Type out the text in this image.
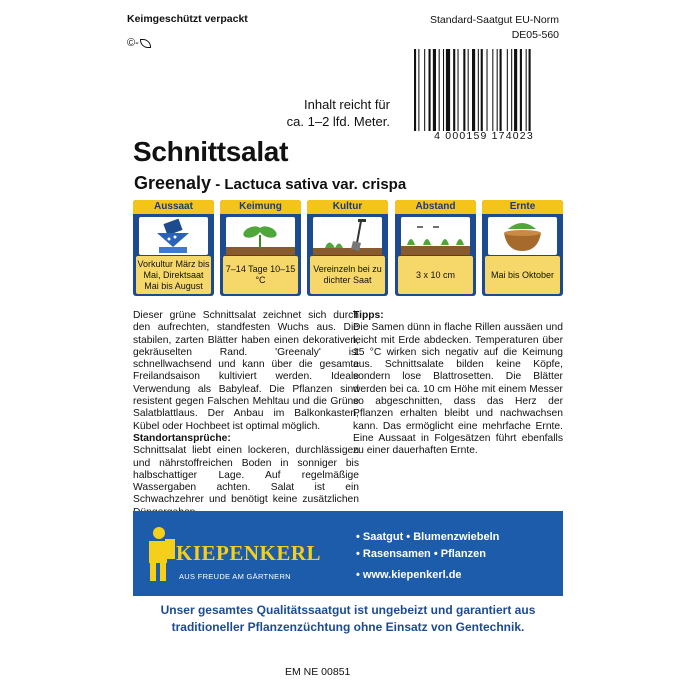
Keimgeschützt verpackt
©-
Standard-Saatgut EU-Norm
DE05-560
4 000159 174023
Inhalt reicht für
ca. 1–2 lfd. Meter.
Schnittsalat
Greenaly - Lactuca sativa var. crispa
Aussaat
Vorkultur März bis Mai, Direktsaat Mai bis August
Keimung
7–14 Tage 10–15 °C
Kultur
Vereinzeln bei zu dichter Saat
Abstand
3 x 10 cm
Ernte
Mai bis Oktober
Dieser grüne Schnittsalat zeichnet sich durch den aufrechten, standfesten Wuchs aus. Die stabilen, zarten Blätter haben einen dekorativen, gekräuselten Rand. 'Greenaly' ist schnellwachsend und kann über die gesamte Freilandsaison kultiviert werden. Ideale Verwendung als Babyleaf. Die Pflanzen sind resistent gegen Falschen Mehltau und die Grüne Salatblattlaus. Der Anbau im Balkonkasten, Kübel oder Hochbeet ist optimal möglich.
Standortansprüche:
Schnittsalat liebt einen lockeren, durchlässigen und nährstoffreichen Boden in sonniger bis halbschattiger Lage. Auf regelmäßige Wassergaben achten. Salat ist ein Schwachzehrer und benötigt keine zusätzlichen
Tipps:
Die Samen dünn in flache Rillen aussäen und leicht mit Erde abdecken. Temperaturen über 15 °C wirken sich negativ auf die Keimung aus. Schnittsalate bilden keine Köpfe, sondern lose Blattrosetten. Die Blätter werden bei ca. 10 cm Höhe mit einem Messer so abgeschnitten, dass das Herz der Pflanzen erhalten bleibt und nachwachsen kann. Das ermöglicht eine mehrfache Ernte. Eine Aussaat in Folgesätzen führt ebenfalls zu einer dauerhaften Ernte.
KIEPENKERL
AUS FREUDE AM GÄRTNERN
• Saatgut • Blumenzwiebeln
• Rasensamen • Pflanzen
• www.kiepenkerl.de
Unser gesamtes Qualitätssaatgut ist ungebeizt und garantiert aus
traditioneller Pflanzenzüchtung ohne Einsatz von Gentechnik.
EM NE 00851
